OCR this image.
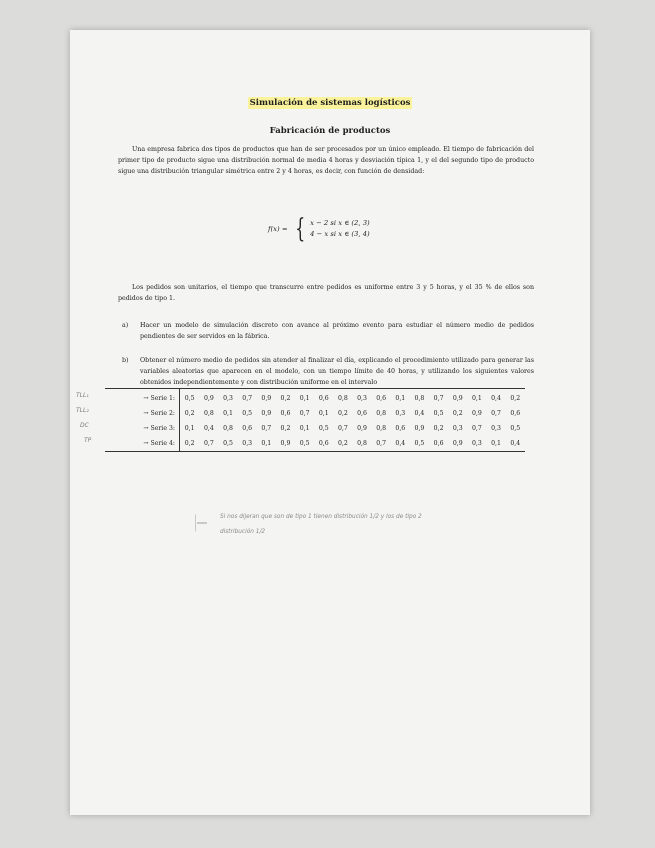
Simulación de sistemas logísticos
Fabricación de productos
Una empresa fabrica dos tipos de productos que han de ser procesados por un único empleado. El tiempo de fabricación del primer tipo de producto sigue una distribución normal de media 4 horas y desviación típica 1, y el del segundo tipo de producto sigue una distribución triangular simétrica entre 2 y 4 horas, es decir, con función de densidad:
f(x) = { x − 2 si x ∈ (2, 3)
4 − x si x ∈ (3, 4)
Los pedidos son unitarios, el tiempo que transcurre entre pedidos es uniforme entre 3 y 5 horas, y el 35 % de ellos son pedidos de tipo 1.
a) Hacer un modelo de simulación discreto con avance al próximo evento para estudiar el número medio de pedidos pendientes de ser servidos en la fábrica.
b) Obtener el número medio de pedidos sin atender al finalizar el día, explicando el procedimiento utilizado para generar las variables aleatorias que aparecen en el modelo, con un tiempo límite de 40 horas, y utilizando los siguientes valores obtenidos independientemente y con distribución uniforme en el intervalo
→ Serie 1:	0,5	0,9	0,3	0,7	0,9	0,2	0,1	0,6	0,8	0,3	0,6	0,1	0,8	0,7	0,9	0,1	0,4	0,2
→ Serie 2:	0,2	0,8	0,1	0,5	0,9	0,6	0,7	0,1	0,2	0,6	0,8	0,3	0,4	0,5	0,2	0,9	0,7	0,6
→ Serie 3:	0,1	0,4	0,8	0,6	0,7	0,2	0,1	0,5	0,7	0,9	0,8	0,6	0,9	0,2	0,3	0,7	0,3	0,5
→ Serie 4:	0,2	0,7	0,5	0,3	0,1	0,9	0,5	0,6	0,2	0,8	0,7	0,4	0,5	0,6	0,9	0,3	0,1	0,4
TLL₁
TLL₂
DC
TP
Si nos dijeran que son de tipo 1 tienen distribución 1/2 y los de tipo 2
distribución 1/2
